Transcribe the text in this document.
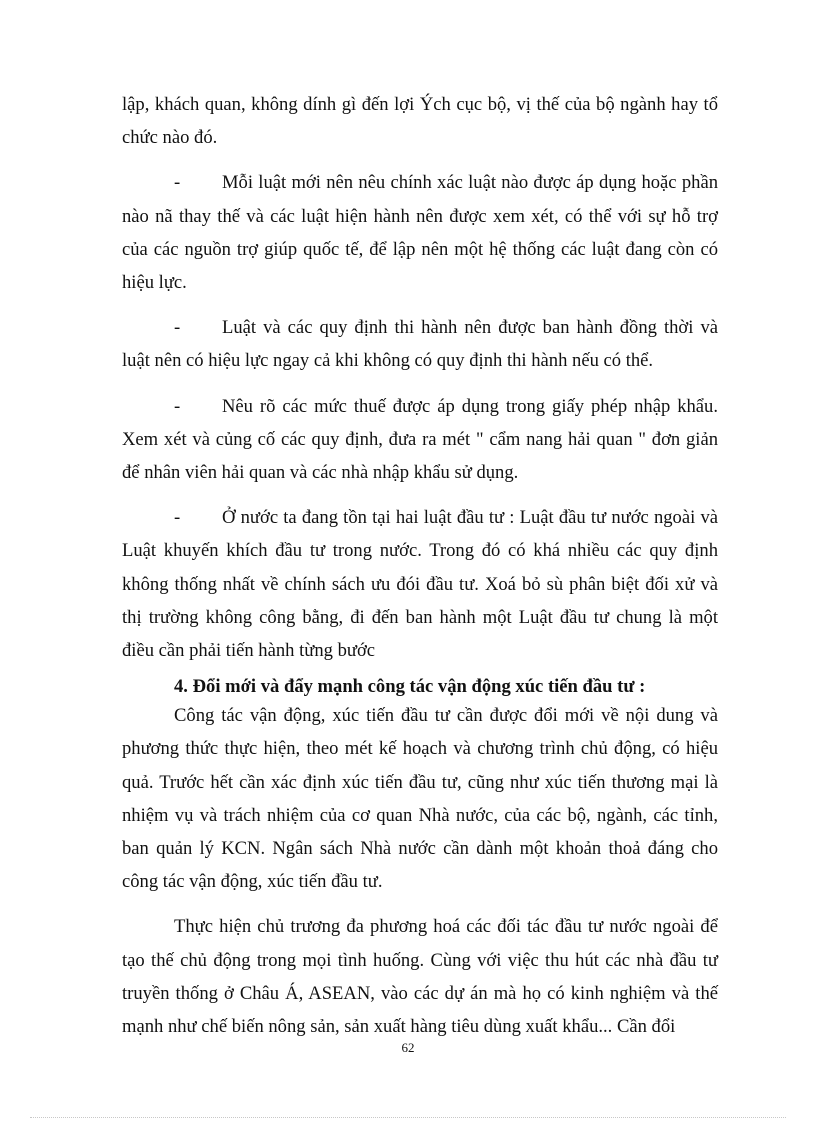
lập, khách quan, không dính gì đến lợi Ých cục bộ, vị thế của bộ ngành hay tổ chức nào đó.

- Mỗi luật mới nên nêu chính xác luật nào được áp dụng hoặc phần nào nã thay thế và các luật hiện hành nên được xem xét, có thể với sự hỗ trợ của các nguồn trợ giúp quốc tế, để lập nên một hệ thống các luật đang còn có hiệu lực.

- Luật và các quy định thi hành nên được ban hành đồng thời và luật nên có hiệu lực ngay cả khi không có quy định thi hành nếu có thể.

- Nêu rõ các mức thuế được áp dụng trong giấy phép nhập khẩu. Xem xét và củng cố các quy định, đưa ra mét " cẩm nang hải quan " đơn giản để nhân viên hải quan và các nhà nhập khẩu sử dụng.

- Ở nước ta đang tồn tại hai luật đầu tư : Luật đầu tư nước ngoài và Luật khuyến khích đầu tư trong nước. Trong đó có khá nhiều các quy định không thống nhất về chính sách ưu đói đầu tư. Xoá bỏ sù phân biệt đối xử và thị trường không công bằng, đi đến ban hành một Luật đầu tư chung là một điều cần phải tiến hành từng bước

4. Đổi mới và đẩy mạnh công tác vận động xúc tiến đầu tư :

Công tác vận động, xúc tiến đầu tư cần được đổi mới về nội dung và phương thức thực hiện, theo mét kế hoạch và chương trình chủ động, có hiệu quả. Trước hết cần xác định xúc tiến đầu tư, cũng như xúc tiến thương mại là nhiệm vụ và trách nhiệm của cơ quan Nhà nước, của các bộ, ngành, các tỉnh, ban quản lý KCN. Ngân sách Nhà nước cần dành một khoản thoả đáng cho công tác vận động, xúc tiến đầu tư.

Thực hiện chủ trương đa phương hoá các đối tác đầu tư nước ngoài để tạo thế chủ động trong mọi tình huống. Cùng với việc thu hút các nhà đầu tư truyền thống ở Châu Á, ASEAN, vào các dự án mà họ có kinh nghiệm và thế mạnh như chế biến nông sản, sản xuất hàng tiêu dùng xuất khẩu... Cần đổi

62
